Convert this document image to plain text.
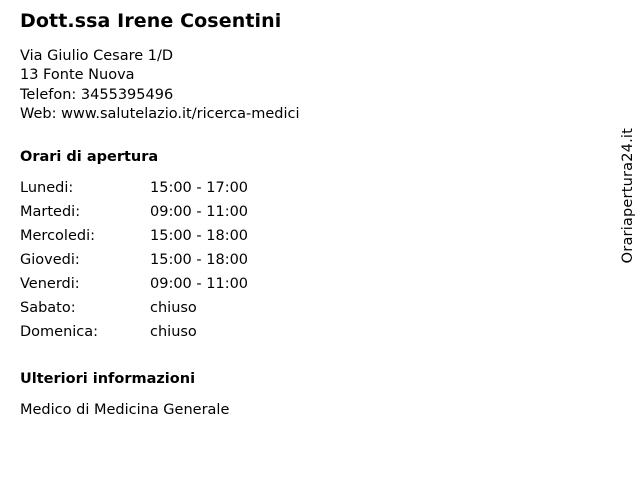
Dott.ssa Irene Cosentini

Via Giulio Cesare 1/D

13 Fonte Nuova

Telefon: 3455395496

Web: www.salutelazio.it/ricerca-medici

Orari di apertura
Lunedi:	15:00 - 17:00
Martedi:	09:00 - 11:00
Mercoledi:	15:00 - 18:00
Giovedi:	15:00 - 18:00
Venerdi:	09:00 - 11:00
Sabato:	chiuso
Domenica:	chiuso
Ulteriori informazioni

Medico di Medicina Generale

Orariapertura24.it
